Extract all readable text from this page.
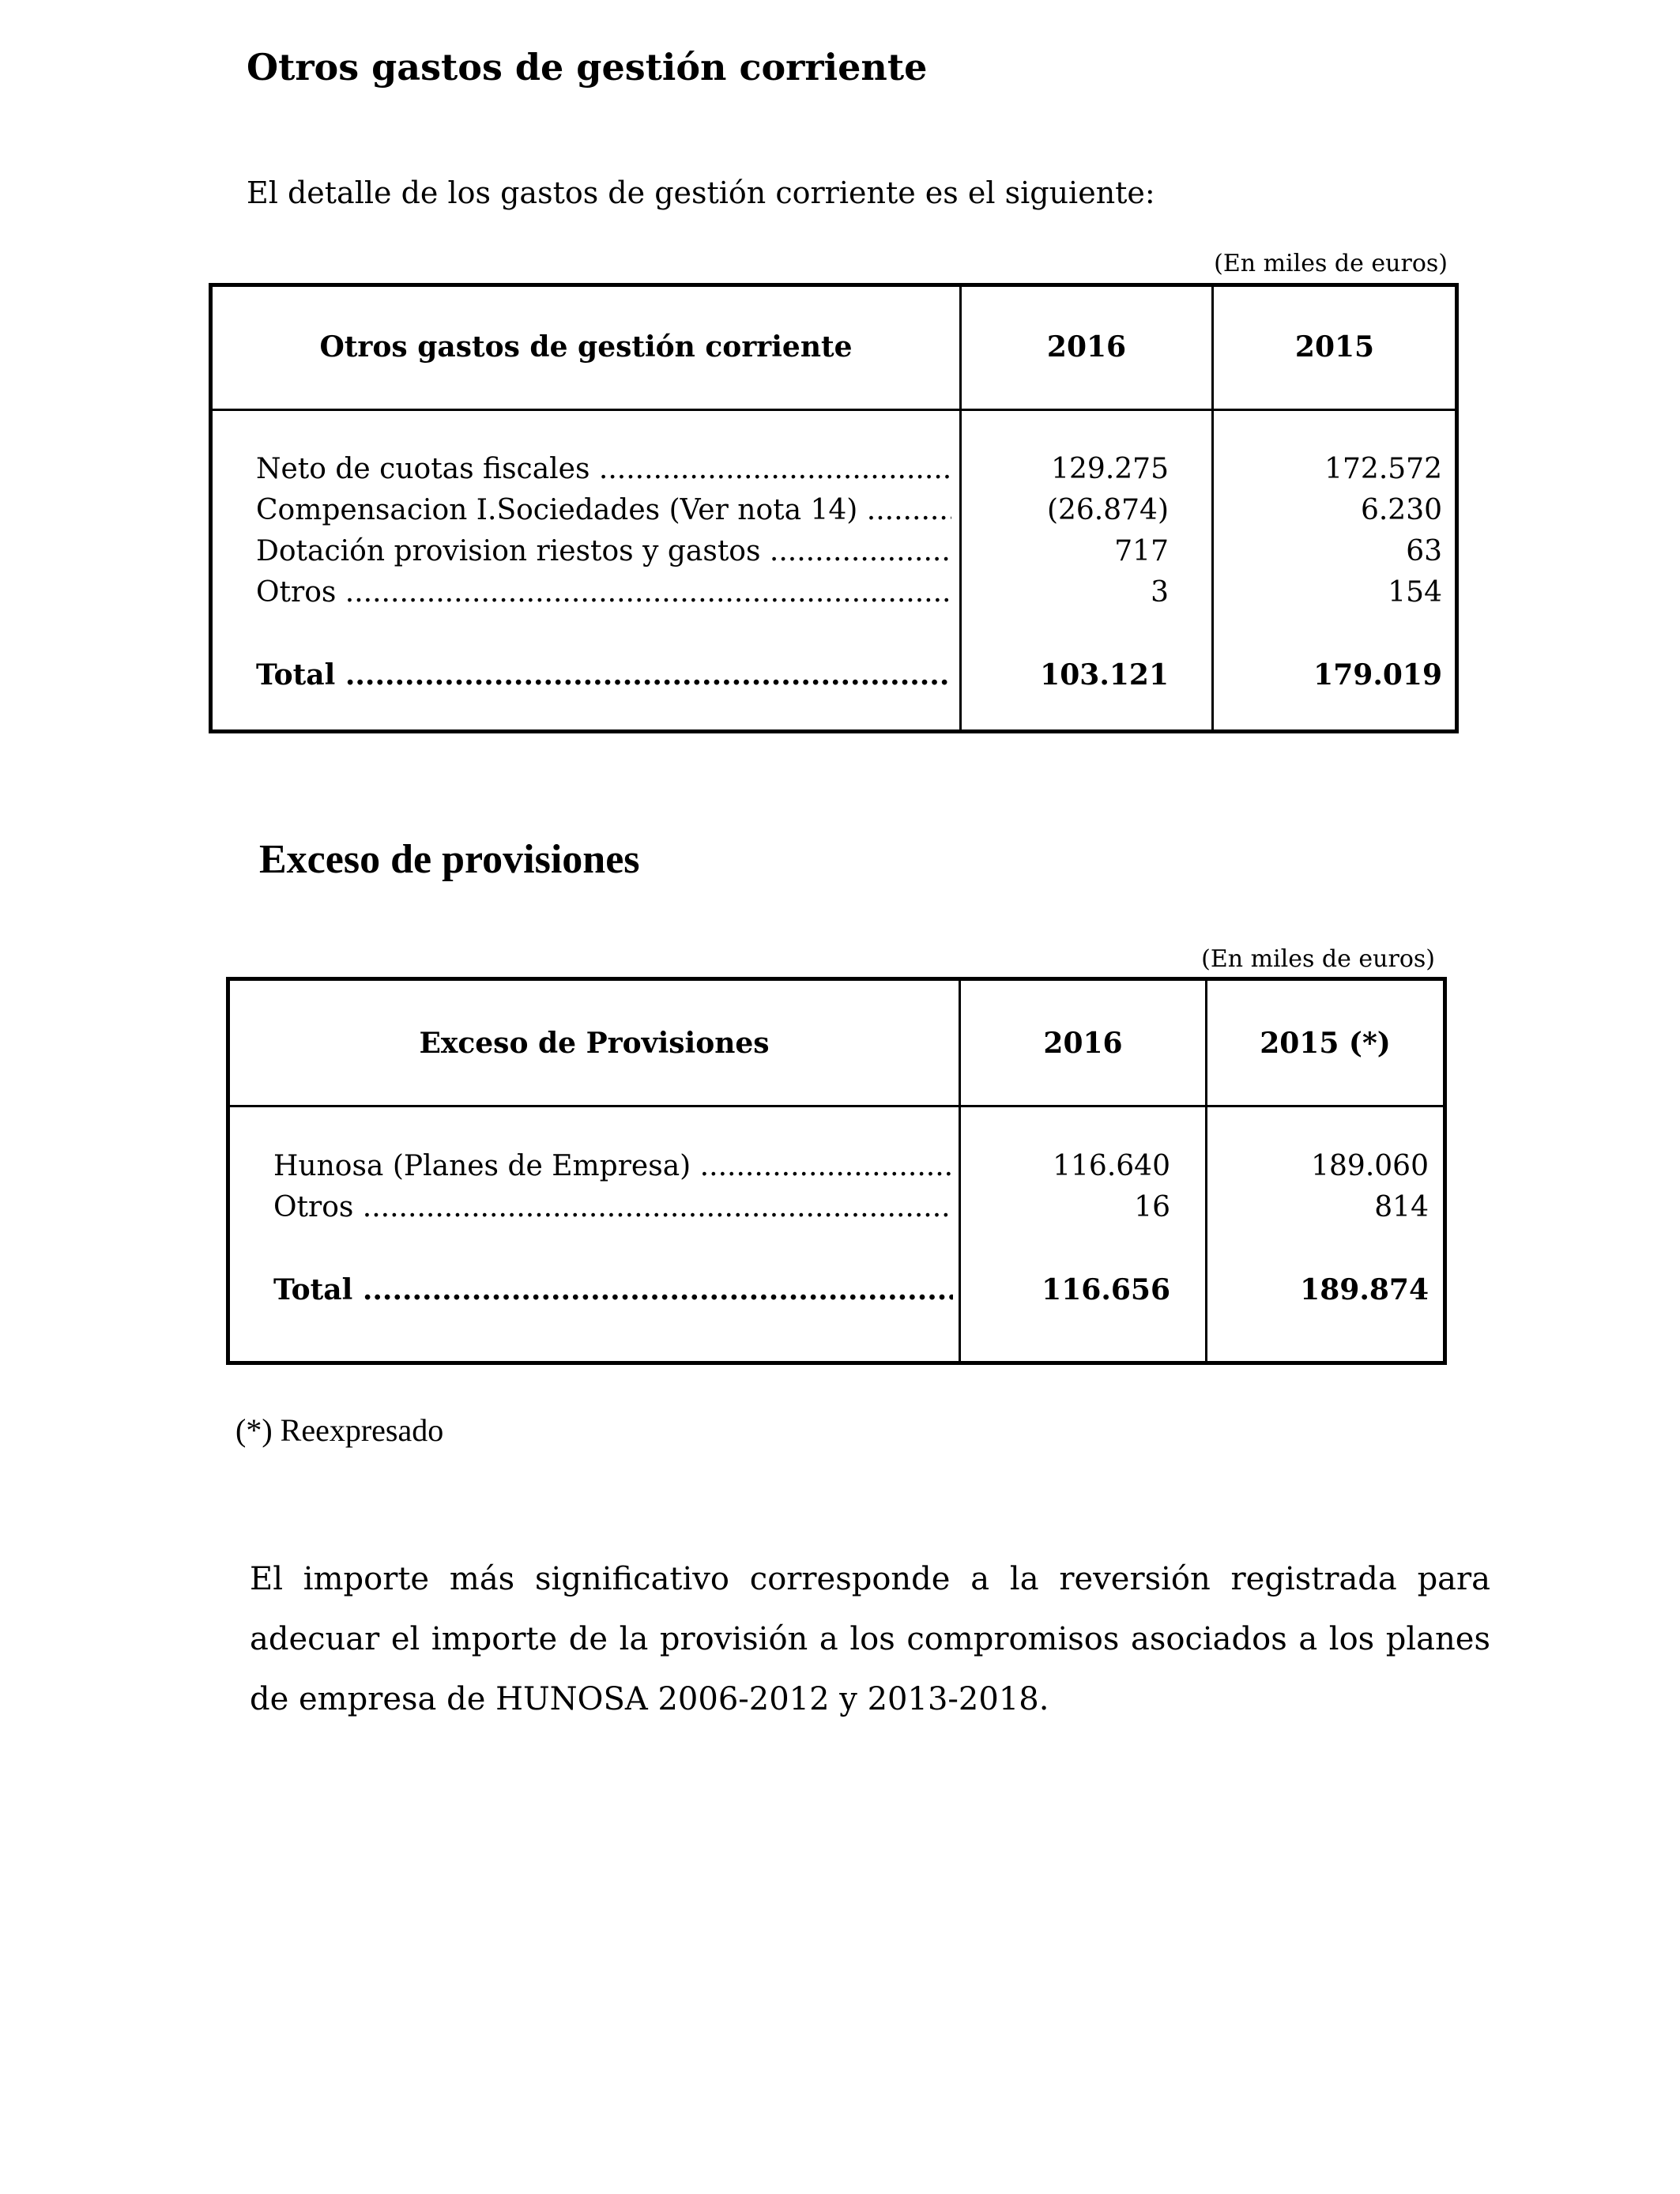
Otros gastos de gestión corriente
El detalle de los gastos de gestión corriente es el siguiente:
(En miles de euros)
Otros gastos de gestión corriente	2016	2015
Neto de cuotas fiscales .....	129.275	172.572
Compensacion I.Sociedades (Ver nota 14) .....	(26.874)	6.230
Dotación provision riestos y gastos .....	717	63
Otros .....	3	154
Total .....	103.121	179.019
Exceso de provisiones
(En miles de euros)
Exceso de Provisiones	2016	2015 (*)
Hunosa (Planes de Empresa) .....	116.640	189.060
Otros .....	16	814
Total .....	116.656	189.874
(*) Reexpresado
El importe más significativo corresponde a la reversión registrada para adecuar el importe de la provisión a los compromisos asociados a los planes de empresa de HUNOSA 2006-2012 y 2013-2018.
